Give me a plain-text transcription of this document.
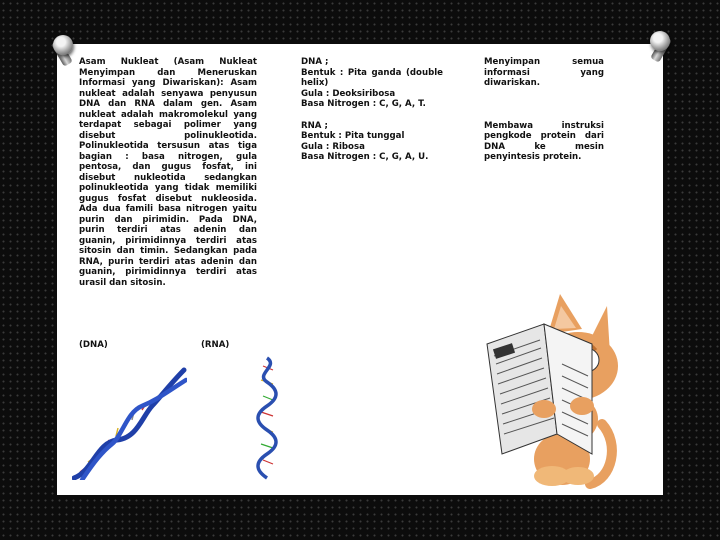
Asam Nukleat (Asam Nukleat Menyimpan dan Meneruskan Informasi yang Diwariskan): Asam nukleat adalah senyawa penyusun DNA dan RNA dalam gen. Asam nukleat adalah makromolekul yang terdapat sebagai polimer yang disebut polinukleotida. Polinukleotida tersusun atas tiga bagian : basa nitrogen, gula pentosa, dan gugus fosfat, ini disebut nukleotida sedangkan polinukleotida yang tidak memiliki gugus fosfat disebut nukleosida. Ada dua famili basa nitrogen yaitu purin dan pirimidin. Pada DNA, purin terdiri atas adenin dan guanin, pirimidinnya terdiri atas sitosin dan timin. Sedangkan pada RNA, purin terdiri atas adenin dan guanin, pirimidinnya terdiri atas urasil dan sitosin.

DNA ;

Bentuk : Pita ganda (double helix)

Gula : Deoksiribosa

Basa Nitrogen : C, G, A, T.

RNA ;

Bentuk : Pita tunggal

Gula : Ribosa

Basa Nitrogen : C, G, A, U.

Menyimpan semua informasi yang diwariskan.

Membawa instruksi pengkode protein dari DNA ke mesin penyintesis protein.

(DNA)	(RNA)
